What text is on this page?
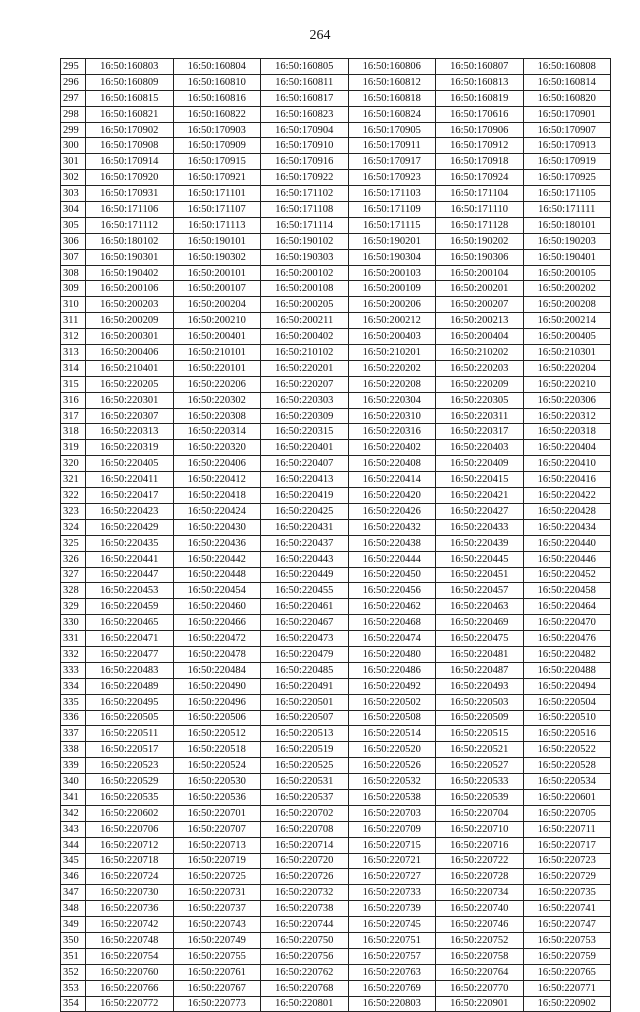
264
295	16:50:160803	16:50:160804	16:50:160805	16:50:160806	16:50:160807	16:50:160808
296	16:50:160809	16:50:160810	16:50:160811	16:50:160812	16:50:160813	16:50:160814
297	16:50:160815	16:50:160816	16:50:160817	16:50:160818	16:50:160819	16:50:160820
298	16:50:160821	16:50:160822	16:50:160823	16:50:160824	16:50:170616	16:50:170901
299	16:50:170902	16:50:170903	16:50:170904	16:50:170905	16:50:170906	16:50:170907
300	16:50:170908	16:50:170909	16:50:170910	16:50:170911	16:50:170912	16:50:170913
301	16:50:170914	16:50:170915	16:50:170916	16:50:170917	16:50:170918	16:50:170919
302	16:50:170920	16:50:170921	16:50:170922	16:50:170923	16:50:170924	16:50:170925
303	16:50:170931	16:50:171101	16:50:171102	16:50:171103	16:50:171104	16:50:171105
304	16:50:171106	16:50:171107	16:50:171108	16:50:171109	16:50:171110	16:50:171111
305	16:50:171112	16:50:171113	16:50:171114	16:50:171115	16:50:171128	16:50:180101
306	16:50:180102	16:50:190101	16:50:190102	16:50:190201	16:50:190202	16:50:190203
307	16:50:190301	16:50:190302	16:50:190303	16:50:190304	16:50:190306	16:50:190401
308	16:50:190402	16:50:200101	16:50:200102	16:50:200103	16:50:200104	16:50:200105
309	16:50:200106	16:50:200107	16:50:200108	16:50:200109	16:50:200201	16:50:200202
310	16:50:200203	16:50:200204	16:50:200205	16:50:200206	16:50:200207	16:50:200208
311	16:50:200209	16:50:200210	16:50:200211	16:50:200212	16:50:200213	16:50:200214
312	16:50:200301	16:50:200401	16:50:200402	16:50:200403	16:50:200404	16:50:200405
313	16:50:200406	16:50:210101	16:50:210102	16:50:210201	16:50:210202	16:50:210301
314	16:50:210401	16:50:220101	16:50:220201	16:50:220202	16:50:220203	16:50:220204
315	16:50:220205	16:50:220206	16:50:220207	16:50:220208	16:50:220209	16:50:220210
316	16:50:220301	16:50:220302	16:50:220303	16:50:220304	16:50:220305	16:50:220306
317	16:50:220307	16:50:220308	16:50:220309	16:50:220310	16:50:220311	16:50:220312
318	16:50:220313	16:50:220314	16:50:220315	16:50:220316	16:50:220317	16:50:220318
319	16:50:220319	16:50:220320	16:50:220401	16:50:220402	16:50:220403	16:50:220404
320	16:50:220405	16:50:220406	16:50:220407	16:50:220408	16:50:220409	16:50:220410
321	16:50:220411	16:50:220412	16:50:220413	16:50:220414	16:50:220415	16:50:220416
322	16:50:220417	16:50:220418	16:50:220419	16:50:220420	16:50:220421	16:50:220422
323	16:50:220423	16:50:220424	16:50:220425	16:50:220426	16:50:220427	16:50:220428
324	16:50:220429	16:50:220430	16:50:220431	16:50:220432	16:50:220433	16:50:220434
325	16:50:220435	16:50:220436	16:50:220437	16:50:220438	16:50:220439	16:50:220440
326	16:50:220441	16:50:220442	16:50:220443	16:50:220444	16:50:220445	16:50:220446
327	16:50:220447	16:50:220448	16:50:220449	16:50:220450	16:50:220451	16:50:220452
328	16:50:220453	16:50:220454	16:50:220455	16:50:220456	16:50:220457	16:50:220458
329	16:50:220459	16:50:220460	16:50:220461	16:50:220462	16:50:220463	16:50:220464
330	16:50:220465	16:50:220466	16:50:220467	16:50:220468	16:50:220469	16:50:220470
331	16:50:220471	16:50:220472	16:50:220473	16:50:220474	16:50:220475	16:50:220476
332	16:50:220477	16:50:220478	16:50:220479	16:50:220480	16:50:220481	16:50:220482
333	16:50:220483	16:50:220484	16:50:220485	16:50:220486	16:50:220487	16:50:220488
334	16:50:220489	16:50:220490	16:50:220491	16:50:220492	16:50:220493	16:50:220494
335	16:50:220495	16:50:220496	16:50:220501	16:50:220502	16:50:220503	16:50:220504
336	16:50:220505	16:50:220506	16:50:220507	16:50:220508	16:50:220509	16:50:220510
337	16:50:220511	16:50:220512	16:50:220513	16:50:220514	16:50:220515	16:50:220516
338	16:50:220517	16:50:220518	16:50:220519	16:50:220520	16:50:220521	16:50:220522
339	16:50:220523	16:50:220524	16:50:220525	16:50:220526	16:50:220527	16:50:220528
340	16:50:220529	16:50:220530	16:50:220531	16:50:220532	16:50:220533	16:50:220534
341	16:50:220535	16:50:220536	16:50:220537	16:50:220538	16:50:220539	16:50:220601
342	16:50:220602	16:50:220701	16:50:220702	16:50:220703	16:50:220704	16:50:220705
343	16:50:220706	16:50:220707	16:50:220708	16:50:220709	16:50:220710	16:50:220711
344	16:50:220712	16:50:220713	16:50:220714	16:50:220715	16:50:220716	16:50:220717
345	16:50:220718	16:50:220719	16:50:220720	16:50:220721	16:50:220722	16:50:220723
346	16:50:220724	16:50:220725	16:50:220726	16:50:220727	16:50:220728	16:50:220729
347	16:50:220730	16:50:220731	16:50:220732	16:50:220733	16:50:220734	16:50:220735
348	16:50:220736	16:50:220737	16:50:220738	16:50:220739	16:50:220740	16:50:220741
349	16:50:220742	16:50:220743	16:50:220744	16:50:220745	16:50:220746	16:50:220747
350	16:50:220748	16:50:220749	16:50:220750	16:50:220751	16:50:220752	16:50:220753
351	16:50:220754	16:50:220755	16:50:220756	16:50:220757	16:50:220758	16:50:220759
352	16:50:220760	16:50:220761	16:50:220762	16:50:220763	16:50:220764	16:50:220765
353	16:50:220766	16:50:220767	16:50:220768	16:50:220769	16:50:220770	16:50:220771
354	16:50:220772	16:50:220773	16:50:220801	16:50:220803	16:50:220901	16:50:220902
